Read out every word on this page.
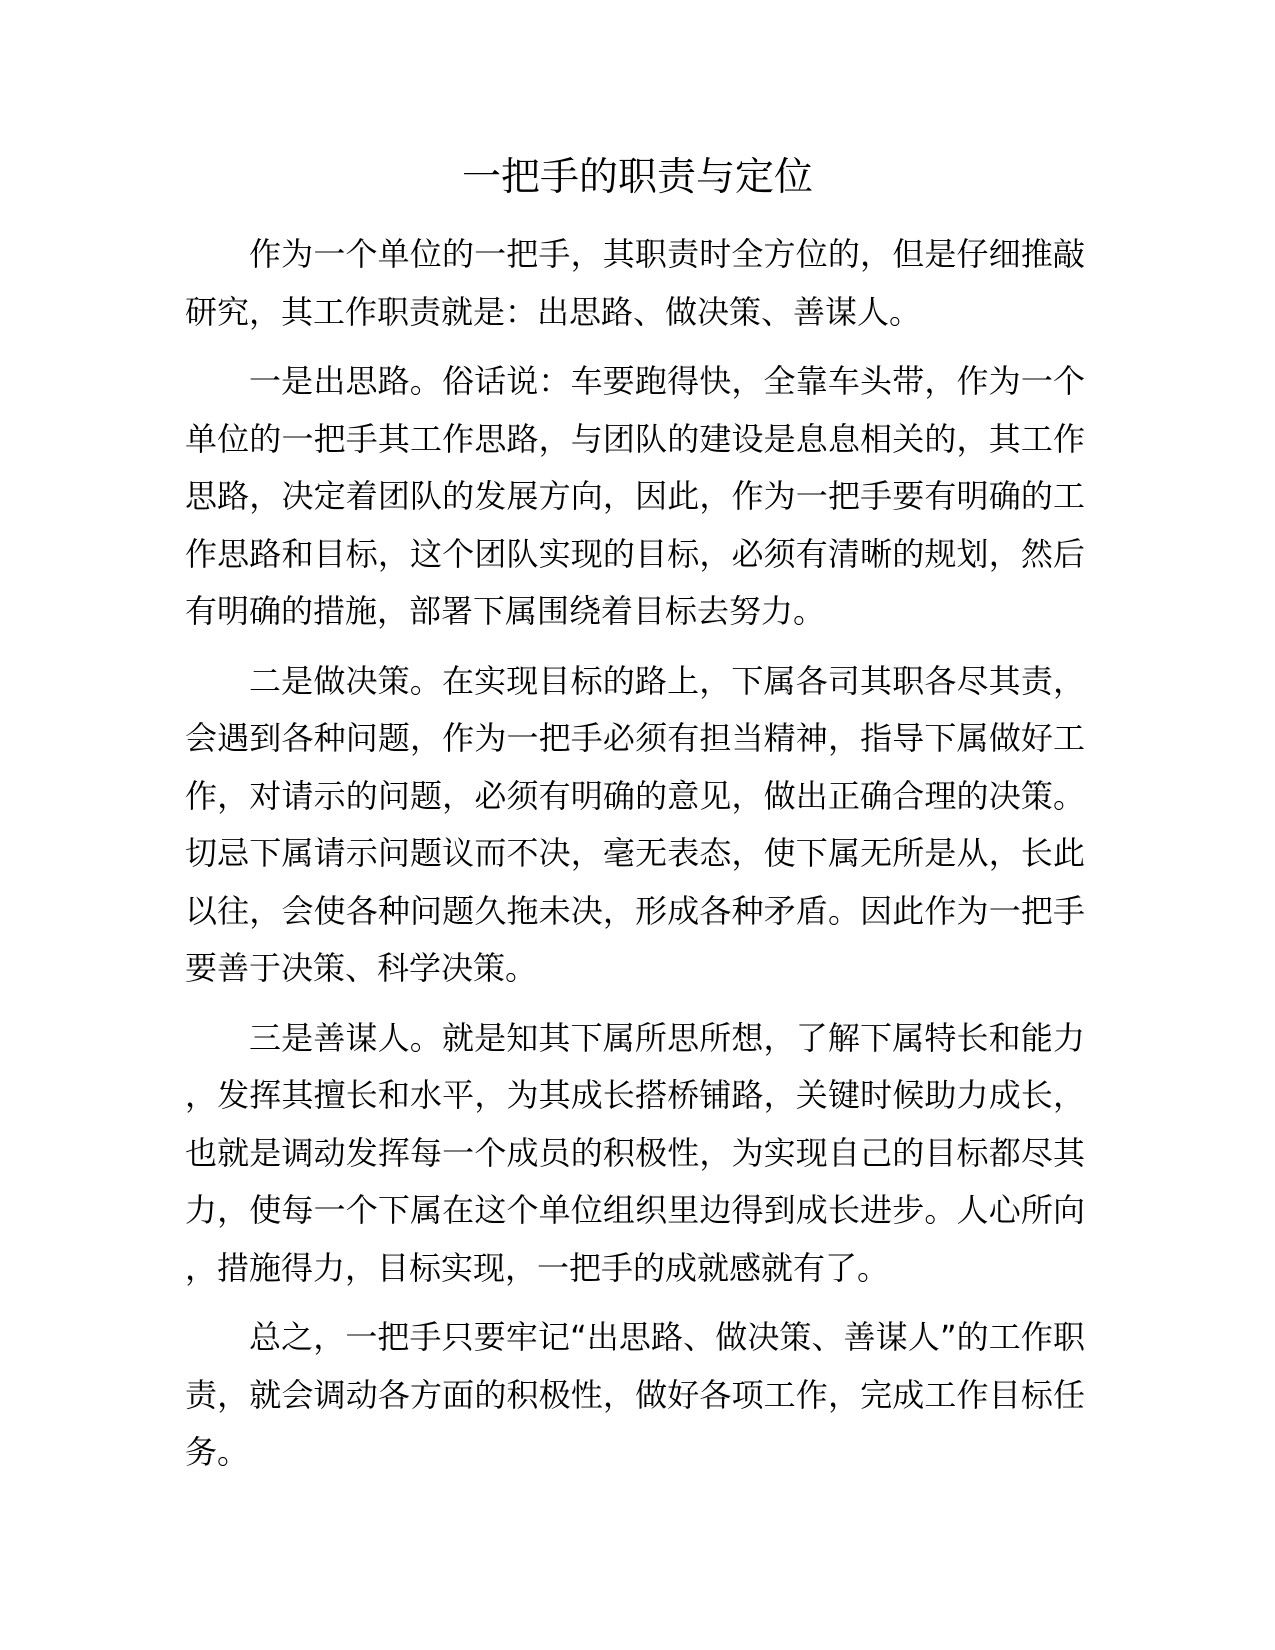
一把手的职责与定位

作为一个单位的一把手，其职责时全方位的，但是仔细推敲研究，其工作职责就是：出思路、做决策、善谋人。

一是出思路。俗话说：车要跑得快，全靠车头带，作为一个单位的一把手其工作思路，与团队的建设是息息相关的，其工作思路，决定着团队的发展方向，因此，作为一把手要有明确的工作思路和目标，这个团队实现的目标，必须有清晰的规划，然后有明确的措施，部署下属围绕着目标去努力。

二是做决策。在实现目标的路上，下属各司其职各尽其责，会遇到各种问题，作为一把手必须有担当精神，指导下属做好工作，对请示的问题，必须有明确的意见，做出正确合理的决策。切忌下属请示问题议而不决，毫无表态，使下属无所是从，长此以往，会使各种问题久拖未决，形成各种矛盾。因此作为一把手要善于决策、科学决策。

三是善谋人。就是知其下属所思所想，了解下属特长和能力，发挥其擅长和水平，为其成长搭桥铺路，关键时候助力成长，也就是调动发挥每一个成员的积极性，为实现自己的目标都尽其力，使每一个下属在这个单位组织里边得到成长进步。人心所向，措施得力，目标实现，一把手的成就感就有了。

总之，一把手只要牢记“出思路、做决策、善谋人”的工作职责，就会调动各方面的积极性，做好各项工作，完成工作目标任务。
